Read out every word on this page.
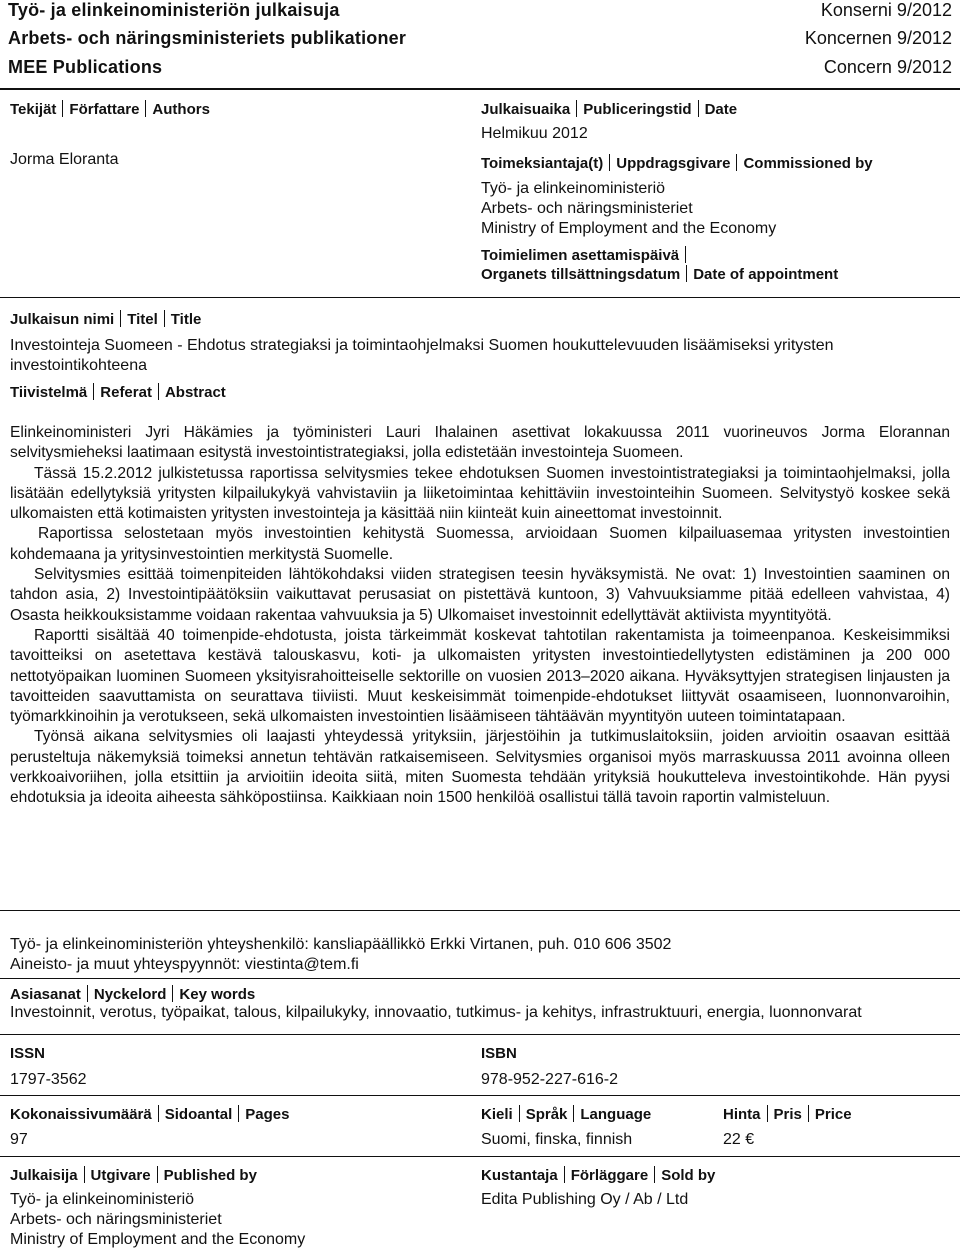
Työ- ja elinkeinoministeriön julkaisuja	Konserni 9/2012
Arbets- och näringsministeriets publikationer	Koncernen 9/2012
MEE Publications	Concern 9/2012
Tekijät Författare Authors
Jorma Eloranta
Julkaisuaika Publiceringstid Date
Helmikuu 2012
Toimeksiantaja(t) Uppdragsgivare Commissioned by
Työ- ja elinkeinoministeriö
Arbets- och näringsministeriet
Ministry of Employment and the Economy
Toimielimen asettamispäivä
Organets tillsättningsdatum Date of appointment
Julkaisun nimi Titel Title
Investointeja Suomeen - Ehdotus strategiaksi ja toimintaohjelmaksi Suomen houkuttelevuuden lisäämiseksi yritysten
investointikohteena
Tiivistelmä Referat Abstract

Elinkeinoministeri Jyri Häkämies ja työministeri Lauri Ihalainen asettivat lokakuussa 2011 vuorineuvos Jorma Elorannan selvitysmieheksi laatimaan esitystä investointistrategiaksi, jolla edistetään investointeja Suomeen.

Tässä 15.2.2012 julkistetussa raportissa selvitysmies tekee ehdotuksen Suomen investointistrategiaksi ja toimintaohjelmaksi, jolla lisätään edellytyksiä yritysten kilpailukykyä vahvistaviin ja liiketoimintaa kehittäviin investointeihin Suomeen. Selvitystyö koskee sekä ulkomaisten että kotimaisten yritysten investointeja ja käsittää niin kiinteät kuin aineettomat investoinnit.

Raportissa selostetaan myös investointien kehitystä Suomessa, arvioidaan Suomen kilpailuasemaa yritysten investointien kohdemaana ja yritysinvestointien merkitystä Suomelle.

Selvitysmies esittää toimenpiteiden lähtökohdaksi viiden strategisen teesin hyväksymistä. Ne ovat: 1) Investointien saaminen on tahdon asia, 2) Investointipäätöksiin vaikuttavat perusasiat on pistettävä kuntoon, 3) Vahvuuksiamme pitää edelleen vahvistaa, 4) Osasta heikkouksistamme voidaan rakentaa vahvuuksia ja 5) Ulkomaiset investoinnit edellyttävät aktiivista myyntityötä.

Raportti sisältää 40 toimenpide-ehdotusta, joista tärkeimmät koskevat tahtotilan rakentamista ja toimeenpanoa. Keskeisimmiksi tavoitteiksi on asetettava kestävä talouskasvu, koti- ja ulkomaisten yritysten investointiedellytysten edistäminen ja 200 000 nettotyöpaikan luominen Suomeen yksityisrahoitteiselle sektorille on vuosien 2013–2020 aikana. Hyväksyttyjen strategisen linjausten ja tavoitteiden saavuttamista on seurattava tiiviisti. Muut keskeisimmät toimenpide-ehdotukset liittyvät osaamiseen, luonnonvaroihin, työmarkkinoihin ja verotukseen, sekä ulkomaisten investointien lisäämiseen tähtäävän myyntityön uuteen toimintatapaan.

Työnsä aikana selvitysmies oli laajasti yhteydessä yrityksiin, järjestöihin ja tutkimuslaitoksiin, joiden arvioitin osaavan esittää perusteltuja näkemyksiä toimeksi annetun tehtävän ratkaisemiseen. Selvitysmies organisoi myös marraskuussa 2011 avoinna olleen verkkoaivoriihen, jolla etsittiin ja arvioitiin ideoita siitä, miten Suomesta tehdään yrityksiä houkutteleva investointikohde. Hän pyysi ehdotuksia ja ideoita aiheesta sähköpostiinsa. Kaikkiaan noin 1500 henkilöä osallistui tällä tavoin raportin valmisteluun.

Työ- ja elinkeinoministeriön yhteyshenkilö: kansliapäällikkö Erkki Virtanen, puh. 010 606 3502
Aineisto- ja muut yhteyspyynnöt: viestinta@tem.fi
Asiasanat Nyckelord Key words
Investoinnit, verotus, työpaikat, talous, kilpailukyky, innovaatio, tutkimus- ja kehitys, infrastruktuuri, energia, luonnonvarat
ISSN
1797-3562
ISBN
978-952-227-616-2
Kokonaissivumäärä Sidoantal Pages
97
Kieli Språk Language
Suomi, finska, finnish
Hinta Pris Price
22 €
Julkaisija Utgivare Published by
Työ- ja elinkeinoministeriö
Arbets- och näringsministeriet
Ministry of Employment and the Economy
Kustantaja Förläggare Sold by
Edita Publishing Oy / Ab / Ltd
